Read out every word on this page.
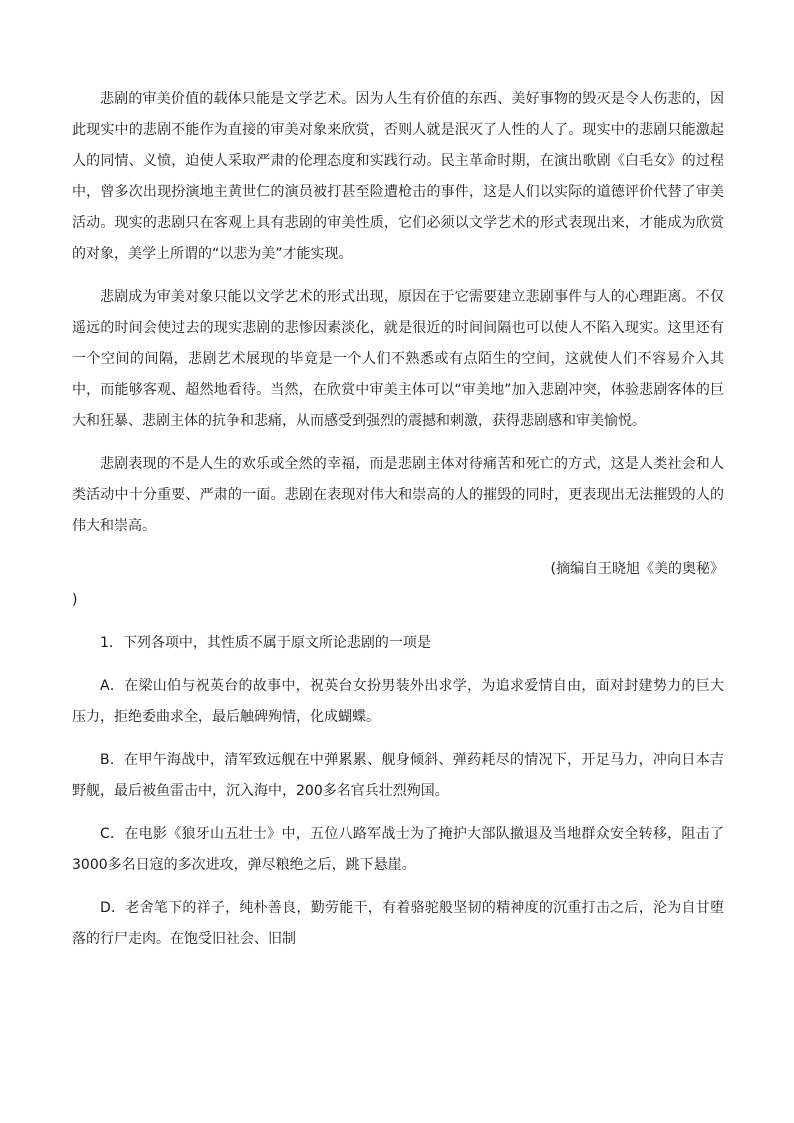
悲剧的审美价值的载体只能是文学艺术。因为人生有价值的东西、美好事物的毁灭是令人伤悲的，因此现实中的悲剧不能作为直接的审美对象来欣赏，否则人就是泯灭了人性的人了。现实中的悲剧只能激起人的同情、义愤，迫使人采取严肃的伦理态度和实践行动。民主革命时期，在演出歌剧《白毛女》的过程中，曾多次出现扮演地主黄世仁的演员被打甚至险遭枪击的事件，这是人们以实际的道德评价代替了审美活动。现实的悲剧只在客观上具有悲剧的审美性质，它们必须以文学艺术的形式表现出来，才能成为欣赏的对象，美学上所谓的“以悲为美”才能实现。

悲剧成为审美对象只能以文学艺术的形式出现，原因在于它需要建立悲剧事件与人的心理距离。不仅遥远的时间会使过去的现实悲剧的悲惨因素淡化，就是很近的时间间隔也可以使人不陷入现实。这里还有一个空间的间隔，悲剧艺术展现的毕竟是一个人们不熟悉或有点陌生的空间，这就使人们不容易介入其中，而能够客观、超然地看待。当然，在欣赏中审美主体可以“审美地”加入悲剧冲突，体验悲剧客体的巨大和狂暴、悲剧主体的抗争和悲痛，从而感受到强烈的震撼和刺激，获得悲剧感和审美愉悦。

悲剧表现的不是人生的欢乐或全然的幸福，而是悲剧主体对待痛苦和死亡的方式，这是人类社会和人类活动中十分重要、严肃的一面。悲剧在表现对伟大和崇高的人的摧毁的同时，更表现出无法摧毁的人的伟大和崇高。

(摘编自王晓旭《美的奥秘》

)

1．下列各项中，其性质不属于原文所论悲剧的一项是

A．在梁山伯与祝英台的故事中，祝英台女扮男装外出求学，为追求爱情自由，面对封建势力的巨大压力，拒绝委曲求全，最后触碑殉情，化成蝴蝶。

B．在甲午海战中，清军致远舰在中弹累累、舰身倾斜、弹药耗尽的情况下，开足马力，冲向日本吉野舰，最后被鱼雷击中，沉入海中，200多名官兵壮烈殉国。

C．在电影《狼牙山五壮士》中，五位八路军战士为了掩护大部队撤退及当地群众安全转移，阻击了3000多名日寇的多次进攻，弹尽粮绝之后，跳下悬崖。

D．老舍笔下的祥子，纯朴善良，勤劳能干，有着骆驼般坚韧的精神度的沉重打击之后，沦为自甘堕落的行尸走肉。在饱受旧社会、旧制
